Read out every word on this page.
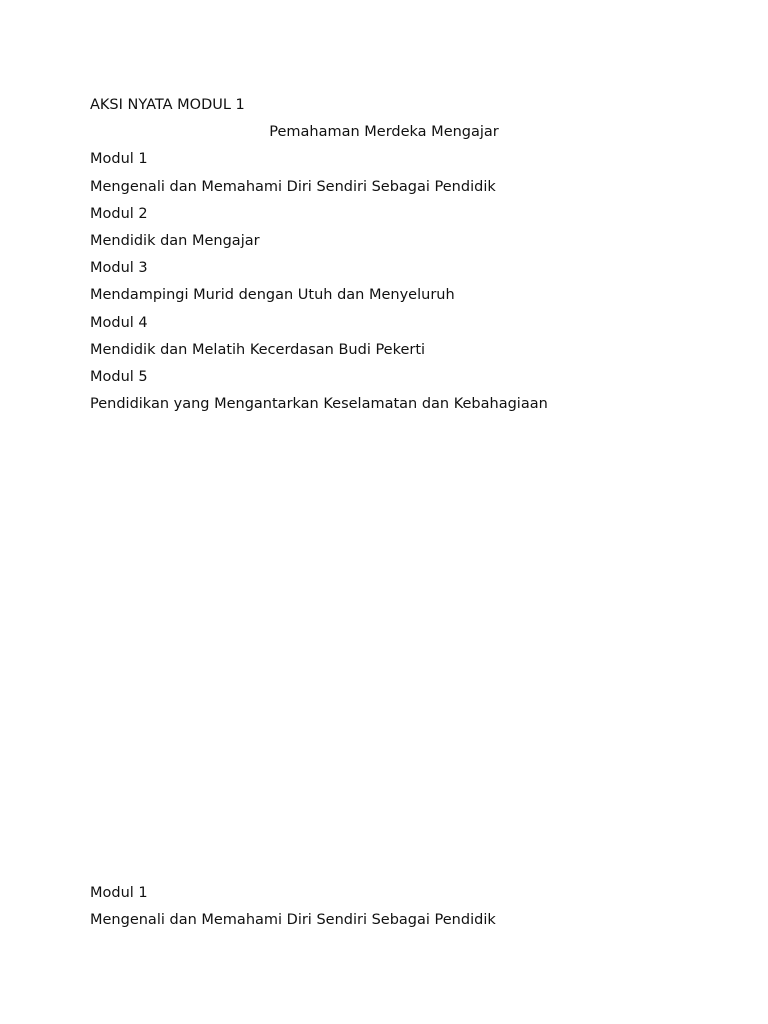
AKSI NYATA MODUL 1

Pemahaman Merdeka Mengajar

Modul 1

Mengenali dan Memahami Diri Sendiri Sebagai Pendidik

Modul 2

Mendidik dan Mengajar

Modul 3

Mendampingi Murid dengan Utuh dan Menyeluruh

Modul 4

Mendidik dan Melatih Kecerdasan Budi Pekerti

Modul 5

Pendidikan yang Mengantarkan Keselamatan dan Kebahagiaan

Modul 1

Mengenali dan Memahami Diri Sendiri Sebagai Pendidik
